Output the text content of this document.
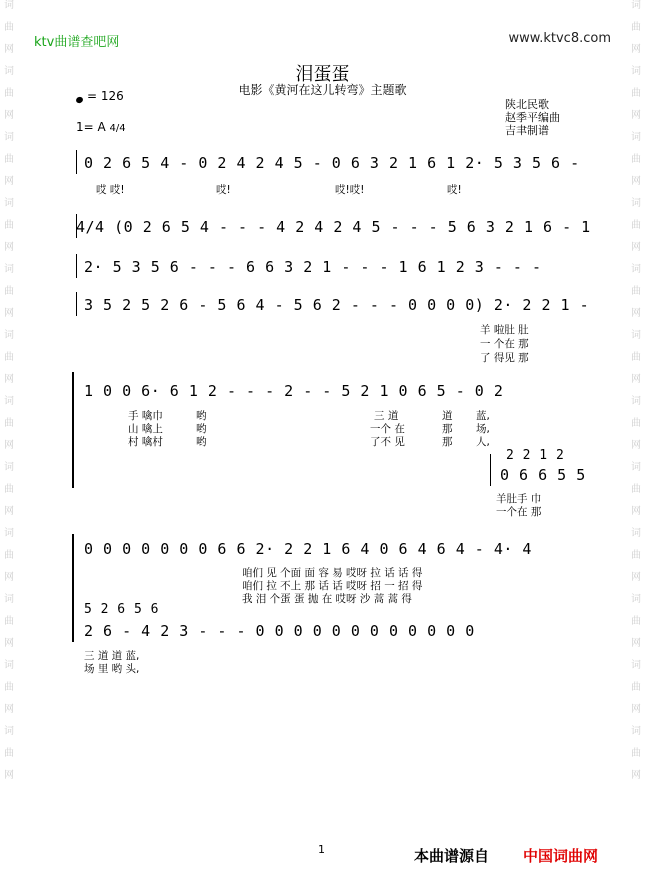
词
曲
网
词
曲
网
词
曲
网
词
曲
网
词
曲
网
词
曲
网
词
曲
网
词
曲
网
词
曲
网
词
曲
网
词
曲
网
词
曲
网
词
曲
网
词
曲
网
词
曲
网
词
曲
网
词
曲
网
词
曲
网
词
曲
网
词
曲
网
词
曲
网
词
曲
网
词
曲
网
词
曲
网
ktv曲谱查吧网	www.ktvc8.com
泪蛋蛋
电影《黄河在这儿转弯》主题歌
= 126
1= A 4/4
陕北民歌
赵季平编曲
吉聿制谱
0 2 6 5 4 - 0 2 4 2 4 5 - 0 6 3 2 1 6 1 2· 5 3 5 6 -
哎 哎!	哎!	哎!哎!	哎!
4/4 (0 2 6 5 4 - - - 4 2 4 2 4 5 - - - 5 6 3 2 1 6 - 1
2· 5 3 5 6 - - - 6 6 3 2 1 - - - 1 6 1 2 3 - - -
3 5 2 5 2 6 - 5 6 4 - 5 6 2 - - - 0 0 0 0) 2· 2 2 1 -
羊 啦肚 肚
一 个在 那
了 得见 那
1 0 0 6· 6 1 2 - - - 2 - - 5 2 1 0 6 5 - 0 2
手 噙巾	哟	三 道	道 蓝,
山 噙上	哟	一个 在	那 场,
村 噙村	哟	了不 见	那 人,
2 2 1 2
0 6 6 5 5
羊肚手 巾
一个在 那
0 0 0 0 0 0 0 6 6 2· 2 2 1 6 4 0 6 4 6 4 - 4· 4
咱们 见 个面 面 容 易 哎呀 拉 话 话 得
咱们 拉 不上 那 话 话 哎呀 招 一 招 得
我 泪 个蛋 蛋 抛 在 哎呀 沙 蒿 蒿 得
5 2 6 5 6
2 6 - 4 2 3 - - - 0 0 0 0 0 0 0 0 0 0 0 0
三 道 道 蓝,
场 里 哟 头,
1	本曲谱源自 中国词曲网
